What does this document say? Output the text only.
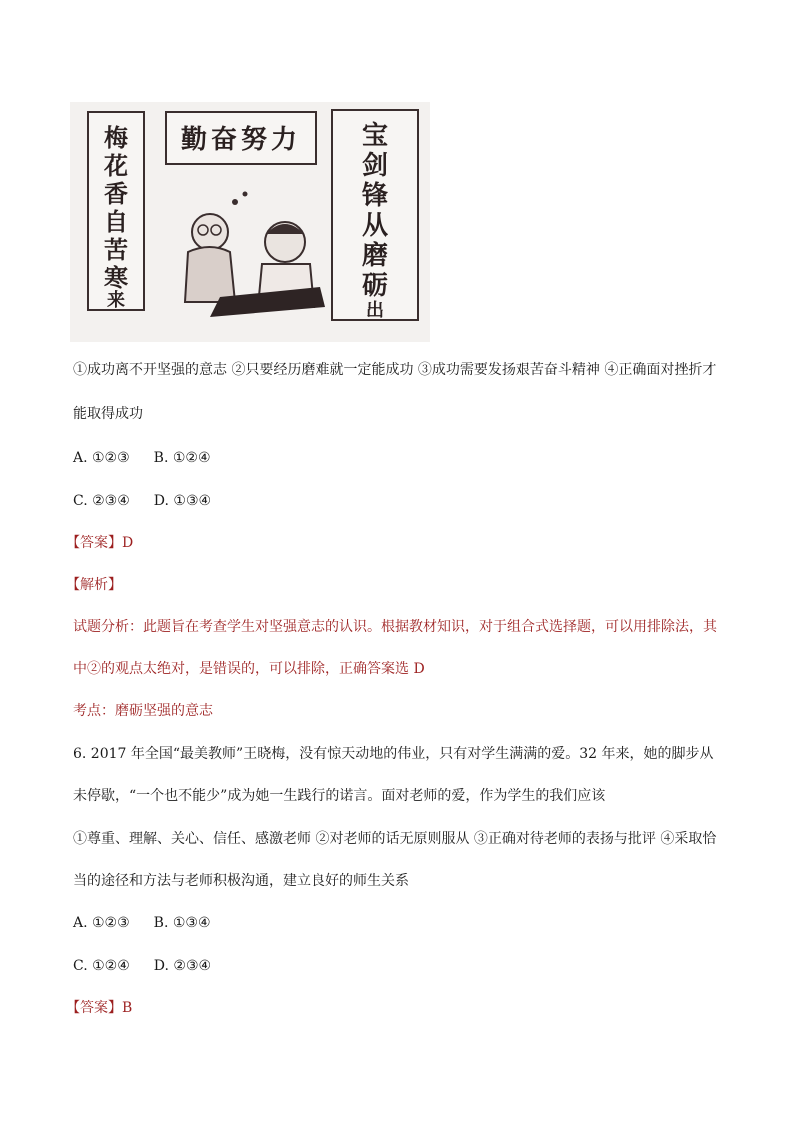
梅
花
香
自
苦
寒
来
勤奋努力 宝
剑
锋
从
磨
砺
出
①成功离不开坚强的意志 ②只要经历磨难就一定能成功 ③成功需要发扬艰苦奋斗精神 ④正确面对挫折才
能取得成功
A. ①②③ B. ①②④
C. ②③④ D. ①③④
【答案】D
【解析】
试题分析：此题旨在考查学生对坚强意志的认识。根据教材知识，对于组合式选择题，可以用排除法，其
中②的观点太绝对，是错误的，可以排除，正确答案选 D
考点：磨砺坚强的意志
6. 2017 年全国“最美教师”王晓梅，没有惊天动地的伟业，只有对学生满满的爱。32 年来，她的脚步从
未停歇，“一个也不能少”成为她一生践行的诺言。面对老师的爱，作为学生的我们应该
①尊重、理解、关心、信任、感激老师 ②对老师的话无原则服从 ③正确对待老师的表扬与批评 ④采取恰
当的途径和方法与老师积极沟通，建立良好的师生关系
A. ①②③ B. ①③④
C. ①②④ D. ②③④
【答案】B
